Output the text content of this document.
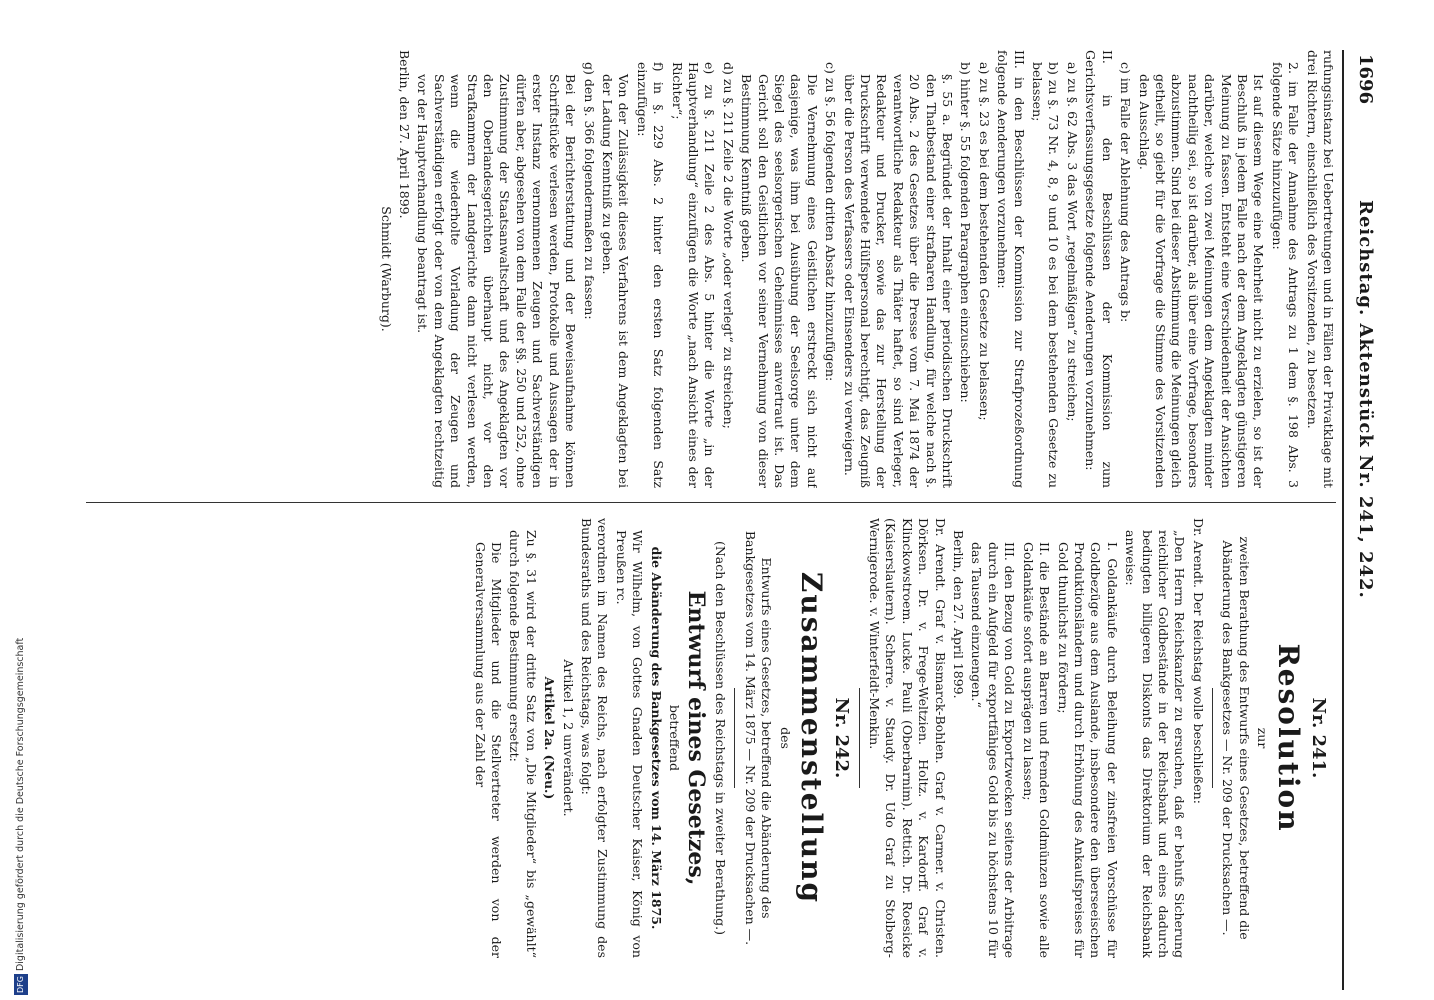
1696
Reichstag. Aktenstück Nr. 241, 242.

rufungsinstanz bei Uebertretungen und in Fällen der Privatklage mit drei Richtern, einschließlich des Vorsitzenden, zu besetzen.

2. im Falle der Annahme des Antrags zu 1 dem §. 198 Abs. 3 folgende Sätze hinzuzufügen:

Ist auf diesem Wege eine Mehrheit nicht zu erzielen, so ist der Beschluß in jedem Falle nach der dem Angeklagten günstigeren Meinung zu fassen. Entsteht eine Verschiedenheit der Ansichten darüber, welche von zwei Meinungen dem Angeklagten minder nachtheilig sei, so ist darüber, als über eine Vorfrage, besonders abzustimmen. Sind bei dieser Abstimmung die Meinungen gleich getheilt, so giebt für die Vorfrage die Stimme des Vorsitzenden den Ausschlag.

c) im Falle der Ablehnung des Antrags b:

II. in den Beschlüssen der Kommission zum Gerichtsverfassungsgesetze folgende Aenderungen vorzunehmen:

a) zu §. 62 Abs. 3 das Wort „regelmäßigen“ zu streichen;

b) zu §. 73 Nr. 4, 8, 9 und 10 es bei dem bestehenden Gesetze zu belassen;

III. in den Beschlüssen der Kommission zur Strafprozeßordnung folgende Aenderungen vorzunehmen:

a) zu §. 23 es bei dem bestehenden Gesetze zu belassen;

b) hinter §. 55 folgenden Paragraphen einzuschieben:

§. 55 a. Begründet der Inhalt einer periodischen Druckschrift den Thatbestand einer strafbaren Handlung, für welche nach §. 20 Abs. 2 des Gesetzes über die Presse vom 7. Mai 1874 der verantwortliche Redakteur als Thäter haftet, so sind Verleger, Redakteur und Drucker, sowie das zur Herstellung der Druckschrift verwendete Hülfspersonal berechtigt, das Zeugniß über die Person des Verfassers oder Einsenders zu verweigern.

c) zu §. 56 folgenden dritten Absatz hinzuzufügen:

Die Vernehmung eines Geistlichen erstreckt sich nicht auf dasjenige, was ihm bei Ausübung der Seelsorge unter dem Siegel des seelsorgerischen Geheimnisses anvertraut ist. Das Gericht soll den Geistlichen vor seiner Vernehmung von dieser Bestimmung Kenntniß geben.

d) zu §. 211 Zeile 2 die Worte „oder verlegt“ zu streichen;

e) zu §. 211 Zeile 2 des Abs. 5 hinter die Worte „in der Hauptverhandlung“ einzufügen die Worte „nach Ansicht eines der Richter“;

f) in §. 229 Abs. 2 hinter den ersten Satz folgenden Satz einzufügen:

Von der Zulässigkeit dieses Verfahrens ist dem Angeklagten bei der Ladung Kenntniß zu geben.

g) den §. 366 folgendermaßen zu fassen:

Bei der Berichterstattung und der Beweisaufnahme können Schriftstücke verlesen werden, Protokolle und Aussagen der in erster Instanz vernommenen Zeugen und Sachverständigen dürfen aber, abgesehen von dem Falle der §§. 250 und 252, ohne Zustimmung der Staatsanwaltschaft und des Angeklagten vor den Oberlandesgerichten überhaupt nicht, vor den Strafkammern der Landgerichte dann nicht verlesen werden, wenn die wiederholte Vorladung der Zeugen und Sachverständigen erfolgt oder von dem Angeklagten rechtzeitig vor der Hauptverhandlung beantragt ist.

Berlin, den 27. April 1899.

Schmidt (Warburg).

Nr. 241.
Resolution

zur

zweiten Berathung des Entwurfs eines Gesetzes, betreffend die Abänderung des Bankgesetzes — Nr. 209 der Drucksachen —.

Dr. Arendt. Der Reichstag wolle beschließen:

„Den Herrn Reichskanzler zu ersuchen, daß er behufs Sicherung reichlicher Goldbestände in der Reichsbank und eines dadurch bedingten billigeren Diskonts das Direktorium der Reichsbank anweise:

I. Goldankäufe durch Beleihung der zinsfreien Vorschüsse für Goldbezüge aus dem Auslande, insbesondere den überseeischen Produktionsländern und durch Erhöhung des Ankaufspreises für Gold thunlichst zu fördern;

II. die Bestände an Barren und fremden Goldmünzen sowie alle Goldankäufe sofort ausprägen zu lassen;

III. den Bezug von Gold zu Exportzwecken seitens der Arbitrage durch ein Aufgeld für exportfähiges Gold bis zu höchstens 10 für das Tausend einzuengen.“

Berlin, den 27. April 1899.

Dr. Arendt. Graf v. Bismarck-Bohlen. Graf v. Carmer. v. Christen. Dörksen. Dr. v. Frege-Weltzien. Holtz. v. Kardorff. Graf v. Klinckowstroem. Lucke. Pauli (Oberbarnim). Rettich. Dr. Roesicke (Kaiserslautern). Scherre. v. Staudy. Dr. Udo Graf zu Stolberg-Wernigerode. v. Winterfeldt-Menkin.

Nr. 242.
Zusammenstellung

des

Entwurfs eines Gesetzes, betreffend die Abänderung des Bankgesetzes vom 14. März 1875 — Nr. 209 der Drucksachen —.

(Nach den Beschlüssen des Reichstags in zweiter Berathung.)

Entwurf eines Gesetzes,

betreffend

die Abänderung des Bankgesetzes vom 14. März 1875.

Wir Wilhelm, von Gottes Gnaden Deutscher Kaiser, König von Preußen rc.

verordnen im Namen des Reichs, nach erfolgter Zustimmung des Bundesraths und des Reichstags, was folgt:

Artikel 1, 2 unverändert.

Artikel 2a. (Neu.)

Zu §. 31 wird der dritte Satz von „Die Mitglieder“ bis „gewählt“ durch folgende Bestimmung ersetzt:

Die Mitglieder und die Stellvertreter werden von der Generalversammlung aus der Zahl der

DFGDigitalisierung gefördert durch die Deutsche Forschungsgemeinschaft
